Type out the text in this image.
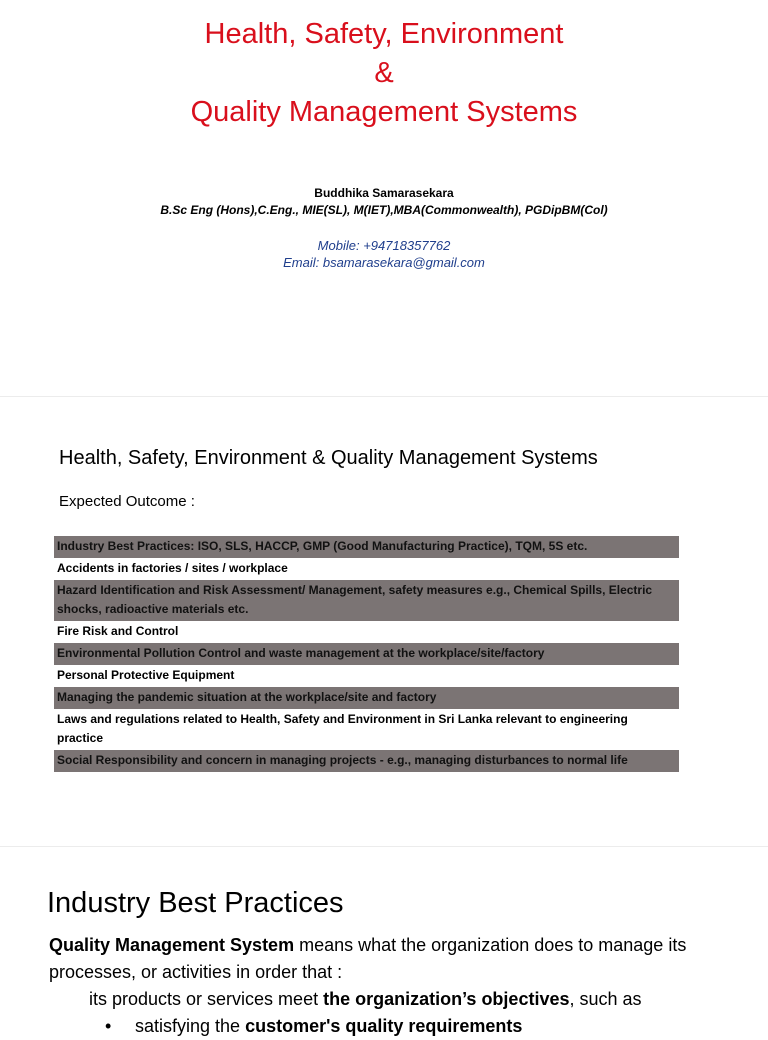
Health, Safety, Environment
&
Quality Management Systems
Buddhika Samarasekara
B.Sc Eng (Hons),C.Eng., MIE(SL), M(IET),MBA(Commonwealth), PGDipBM(Col)
Mobile: +94718357762
Email: bsamarasekara@gmail.com
Health, Safety, Environment & Quality Management Systems
Expected Outcome :
Industry Best Practices: ISO, SLS, HACCP, GMP (Good Manufacturing Practice), TQM, 5S etc.
Accidents in factories / sites / workplace
Hazard Identification and Risk Assessment/ Management, safety measures e.g., Chemical Spills, Electric shocks, radioactive materials etc.
Fire Risk and Control
Environmental Pollution Control and waste management at the workplace/site/factory
Personal Protective Equipment
Managing the pandemic situation at the workplace/site and factory
Laws and regulations related to Health, Safety and Environment in Sri Lanka relevant to engineering practice
Social Responsibility and concern in managing projects - e.g., managing disturbances to normal life
Industry Best Practices
Quality Management System means what the organization does to manage its processes, or activities in order that :
its products or services meet the organization’s objectives, such as
• satisfying the customer's quality requirements
